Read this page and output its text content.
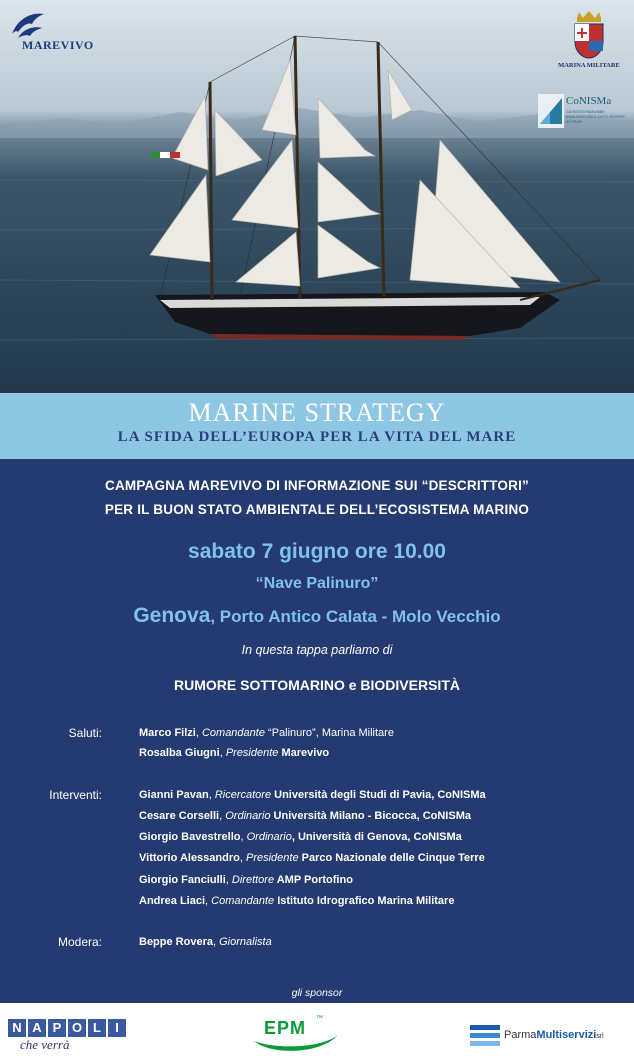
MAREVIVO
MARINA MILITARE
CoNISMa
Consorzio Nazionale Interuniversitario per le Scienze del Mare
MARINE STRATEGY
LA SFIDA DELL’EUROPA PER LA VITA DEL MARE
CAMPAGNA MAREVIVO DI INFORMAZIONE SUI “DESCRITTORI”
PER IL BUON STATO AMBIENTALE DELL’ECOSISTEMA MARINO
sabato 7 giugno ore 10.00
“Nave Palinuro”
Genova, Porto Antico Calata - Molo Vecchio
In questa tappa parliamo di
RUMORE SOTTOMARINO e BIODIVERSITÀ
Saluti:	Marco Filzi, Comandante “Palinuro”, Marina Militare
Rosalba Giugni, Presidente Marevivo
Interventi:	Gianni Pavan, Ricercatore Università degli Studi di Pavia, CoNISMa
Cesare Corselli, Ordinario Università Milano - Bicocca, CoNISMa
Giorgio Bavestrello, Ordinario, Università di Genova, CoNISMa
Vittorio Alessandro, Presidente Parco Nazionale delle Cinque Terre
Giorgio Fanciulli, Direttore AMP Portofino
Andrea Liaci, Comandante Istituto Idrografico Marina Militare
Modera:	Beppe Rovera, Giornalista
gli sponsor
N A P O L	I
che verrà
EPM ™
ParmaMultiservizisrl
